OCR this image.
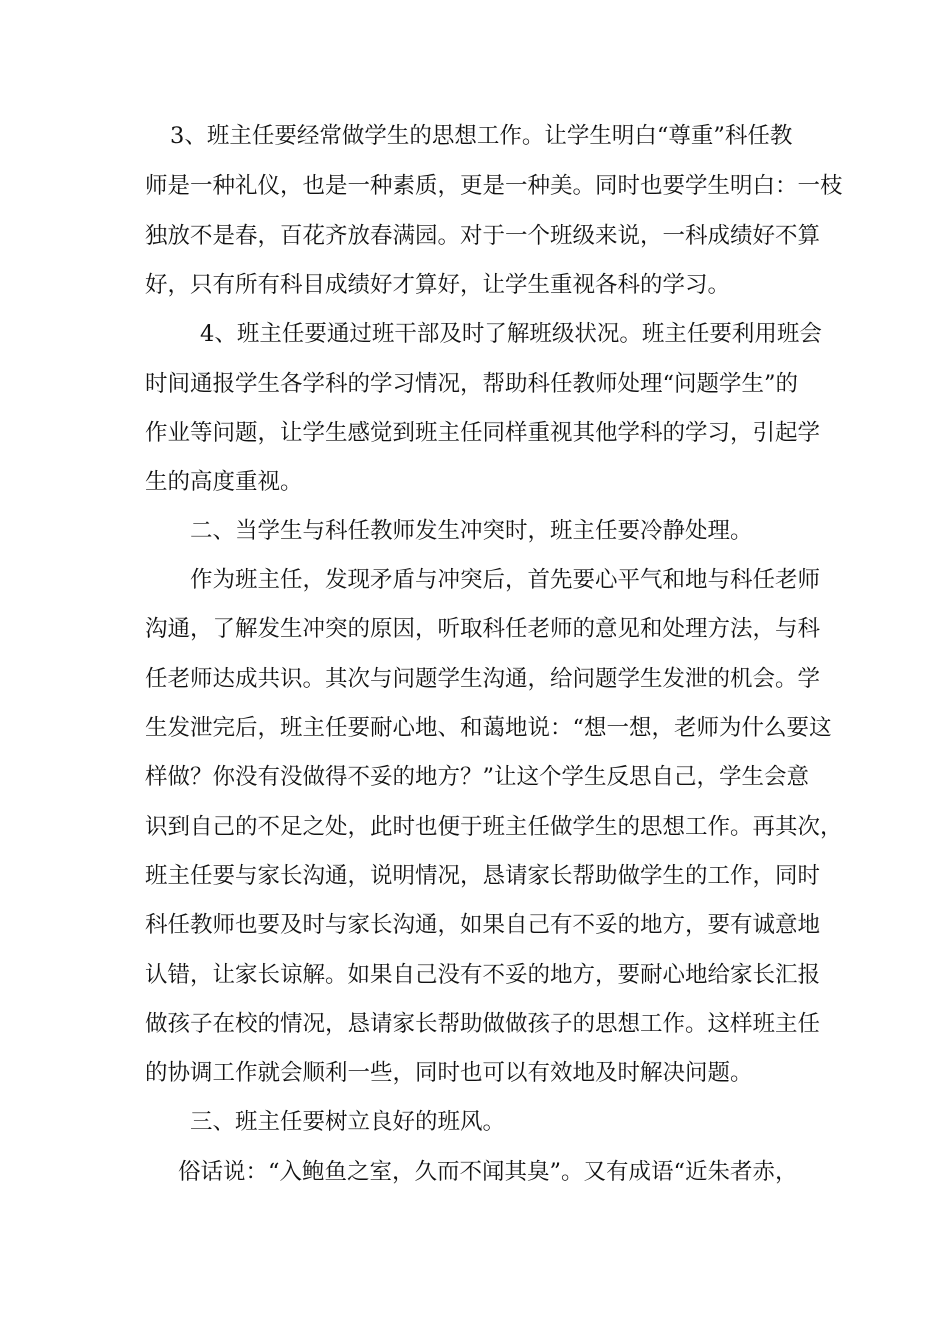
3、班主任要经常做学生的思想工作。让学生明白“尊重”科任教
师是一种礼仪，也是一种素质，更是一种美。同时也要学生明白：一枝
独放不是春，百花齐放春满园。对于一个班级来说，一科成绩好不算
好，只有所有科目成绩好才算好，让学生重视各科的学习。
4、班主任要通过班干部及时了解班级状况。班主任要利用班会
时间通报学生各学科的学习情况，帮助科任教师处理“问题学生”的
作业等问题，让学生感觉到班主任同样重视其他学科的学习，引起学
生的高度重视。
二、当学生与科任教师发生冲突时，班主任要冷静处理。
作为班主任，发现矛盾与冲突后，首先要心平气和地与科任老师
沟通，了解发生冲突的原因，听取科任老师的意见和处理方法，与科
任老师达成共识。其次与问题学生沟通，给问题学生发泄的机会。学
生发泄完后，班主任要耐心地、和蔼地说：“想一想，老师为什么要这
样做？你没有没做得不妥的地方？”让这个学生反思自己，学生会意
识到自己的不足之处，此时也便于班主任做学生的思想工作。再其次，
班主任要与家长沟通，说明情况，恳请家长帮助做学生的工作，同时
科任教师也要及时与家长沟通，如果自己有不妥的地方，要有诚意地
认错，让家长谅解。如果自己没有不妥的地方，要耐心地给家长汇报
做孩子在校的情况，恳请家长帮助做做孩子的思想工作。这样班主任
的协调工作就会顺利一些，同时也可以有效地及时解决问题。
三、班主任要树立良好的班风。
俗话说：“入鲍鱼之室，久而不闻其臭”。又有成语“近朱者赤，
